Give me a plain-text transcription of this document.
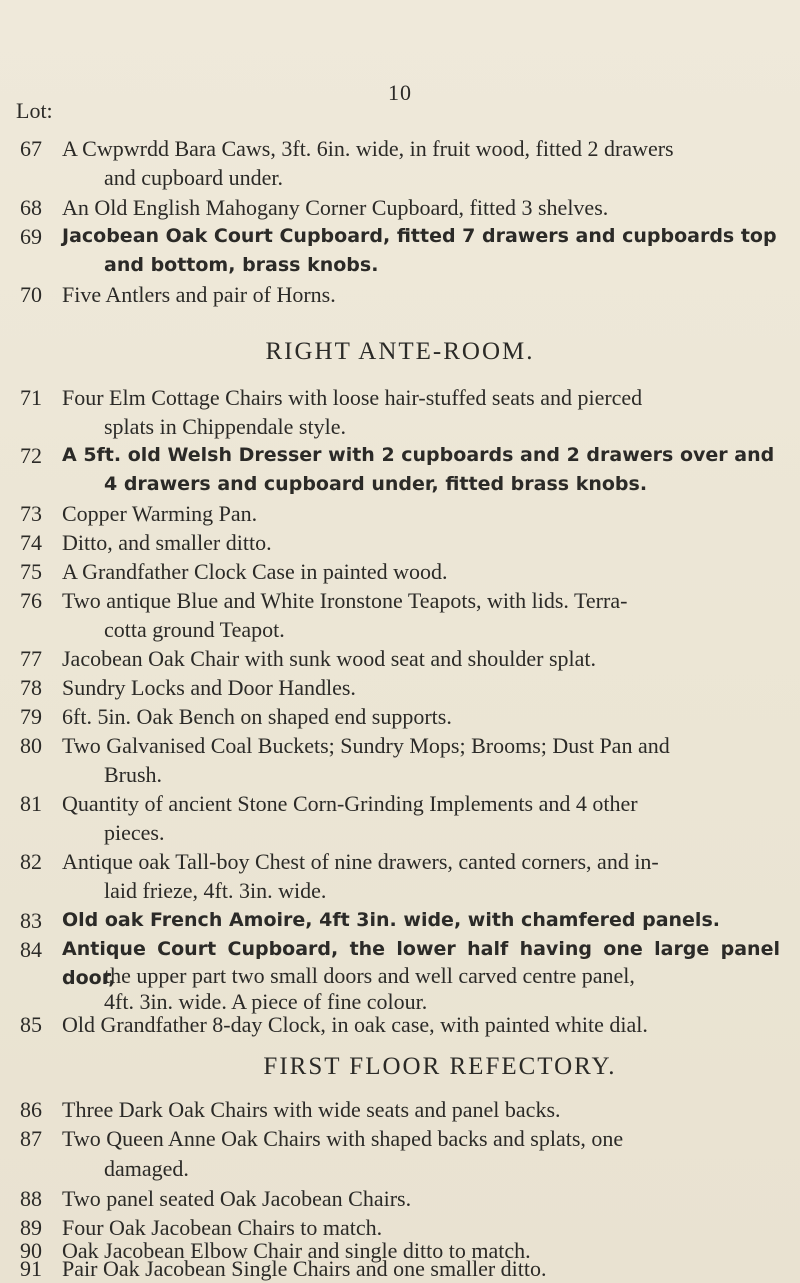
10
Lot:
67 A Cwpwrdd Bara Caws, 3ft. 6in. wide, in fruit wood, fitted 2 drawers
and cupboard under.
68 An Old English Mahogany Corner Cupboard, fitted 3 shelves.
69	Jacobean Oak Court Cupboard, fitted 7 drawers and cupboards top
and bottom, brass knobs.
70 Five Antlers and pair of Horns.
RIGHT ANTE-ROOM.
71 Four Elm Cottage Chairs with loose hair-stuffed seats and pierced
splats in Chippendale style.
72	A 5ft. old Welsh Dresser with 2 cupboards and 2 drawers over and
4 drawers and cupboard under, fitted brass knobs.
73 Copper Warming Pan.
74 Ditto, and smaller ditto.
75 A Grandfather Clock Case in painted wood.
76 Two antique Blue and White Ironstone Teapots, with lids. Terra-
cotta ground Teapot.
77 Jacobean Oak Chair with sunk wood seat and shoulder splat.
78 Sundry Locks and Door Handles.
79 6ft. 5in. Oak Bench on shaped end supports.
80 Two Galvanised Coal Buckets; Sundry Mops; Brooms; Dust Pan and
Brush.
81 Quantity of ancient Stone Corn-Grinding Implements and 4 other
pieces.
82 Antique oak Tall-boy Chest of nine drawers, canted corners, and in-
laid frieze, 4ft. 3in. wide.
83	Old oak French Amoire, 4ft 3in. wide, with chamfered panels.
84	Antique Court Cupboard, the lower half having one large panel door,
the upper part two small doors and well carved centre panel,
4ft. 3in. wide. A piece of fine colour.
85 Old Grandfather 8-day Clock, in oak case, with painted white dial.
FIRST FLOOR REFECTORY.
86 Three Dark Oak Chairs with wide seats and panel backs.
87 Two Queen Anne Oak Chairs with shaped backs and splats, one
damaged.
88 Two panel seated Oak Jacobean Chairs.
89 Four Oak Jacobean Chairs to match.
90 Oak Jacobean Elbow Chair and single ditto to match.
91 Pair Oak Jacobean Single Chairs and one smaller ditto.
